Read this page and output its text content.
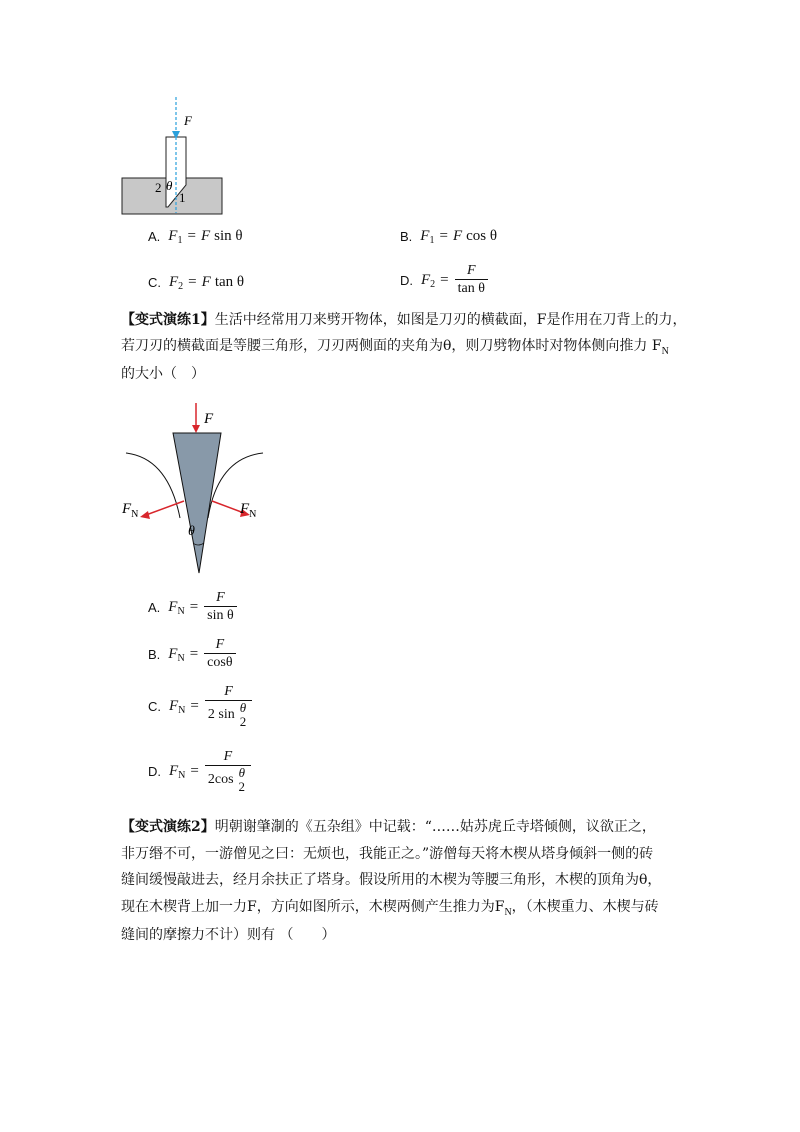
F
2 θ
1
A. F 1 = F sin θ	B. F 1 = F cos θ
C. F 2 = F tan θ	D. F $2 = \frac{F}{\text{tan θ}}$
【变式演练1】生活中经常用刀来劈开物体，如图是刀刃的横截面，F是作用在刀背上的力，
若刀刃的横截面是等腰三角形，刀刃两侧面的夹角为θ，则刀劈物体时对物体侧向推力 $F_N$
的大小（　）
F
$F_N$	$F_N$
θ
A. F $N = \frac{F}{\text{sin θ}}$
B. F $N = \frac{F}{\cos\theta}$
C. F N = F
2 sin θ
2
D. F N = F
2cos θ
2
【变式演练2】明朝谢肇淛的《五杂组》中记载：“……姑苏虎丘寺塔倾侧，议欲正之，
非万缗不可，一游僧见之曰：无烦也，我能正之。”游僧每天将木楔从塔身倾斜一侧的砖
缝间缓慢敲进去，经月余扶正了塔身。假设所用的木楔为等腰三角形，木楔的顶角为θ，
现在木楔背上加一力F，方向如图所示，木楔两侧产生推力为$F_N$，（木楔重力、木楔与砖
缝间的摩擦力不计）则有 （　　）
